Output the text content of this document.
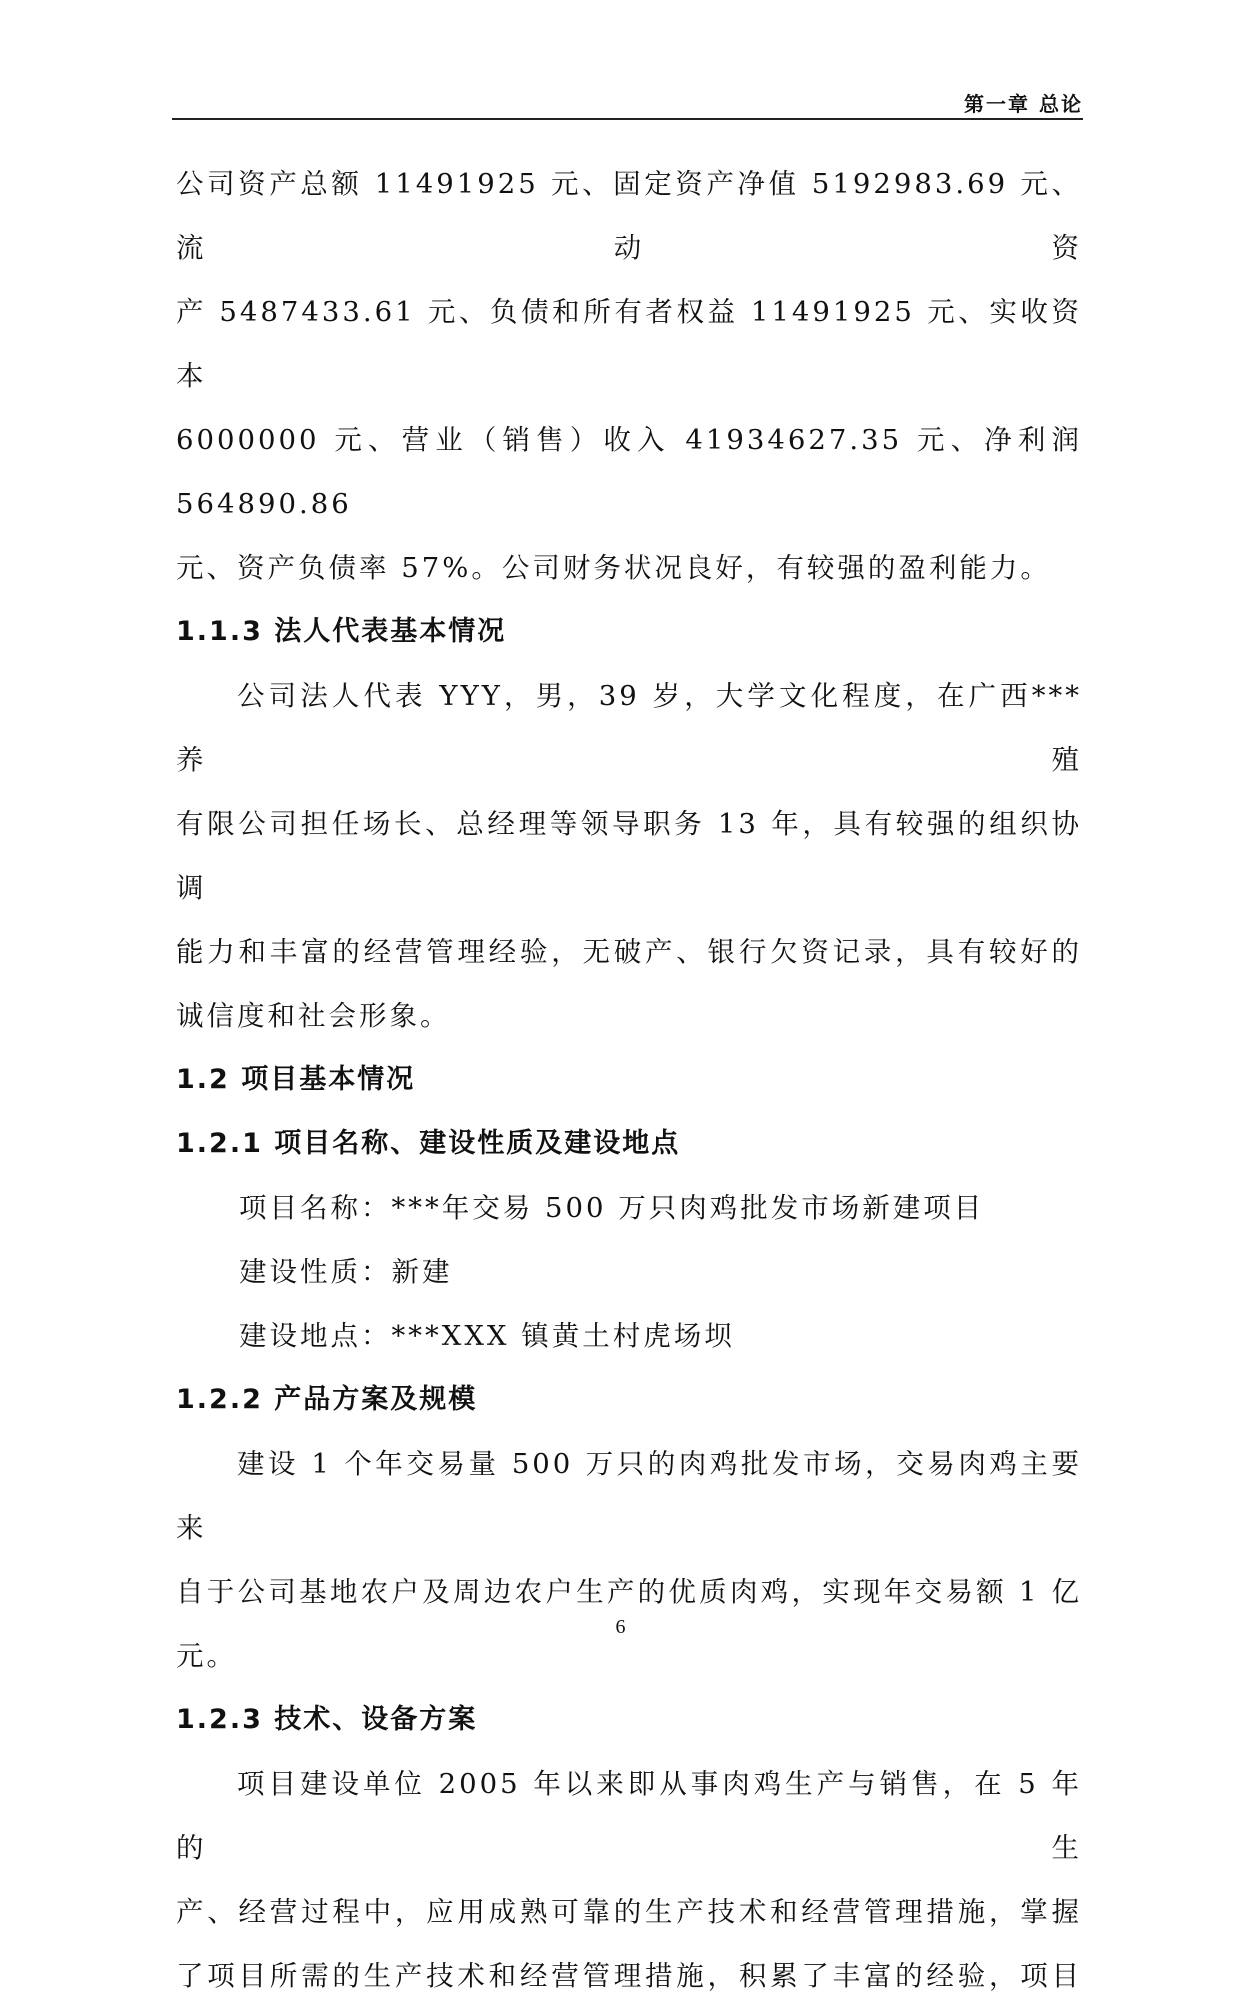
第一章 总论

公司资产总额 11491925 元、固定资产净值 5192983.69 元、流动资

产 5487433.61 元、负债和所有者权益 11491925 元、实收资本

6000000 元、营业（销售）收入 41934627.35 元、净利润 564890.86

元、资产负债率 57%。公司财务状况良好，有较强的盈利能力。

1.1.3 法人代表基本情况

公司法人代表 YYY，男，39 岁，大学文化程度，在广西***养殖

有限公司担任场长、总经理等领导职务 13 年，具有较强的组织协调

能力和丰富的经营管理经验，无破产、银行欠资记录，具有较好的

诚信度和社会形象。

1.2 项目基本情况

1.2.1 项目名称、建设性质及建设地点

项目名称：***年交易 500 万只肉鸡批发市场新建项目

建设性质：新建

建设地点：***XXX 镇黄土村虎场坝

1.2.2 产品方案及规模

建设 1 个年交易量 500 万只的肉鸡批发市场，交易肉鸡主要来

自于公司基地农户及周边农户生产的优质肉鸡，实现年交易额 1 亿

元。

1.2.3 技术、设备方案

项目建设单位 2005 年以来即从事肉鸡生产与销售，在 5 年的生

产、经营过程中，应用成熟可靠的生产技术和经营管理措施，掌握

了项目所需的生产技术和经营管理措施，积累了丰富的经验，项目

6
